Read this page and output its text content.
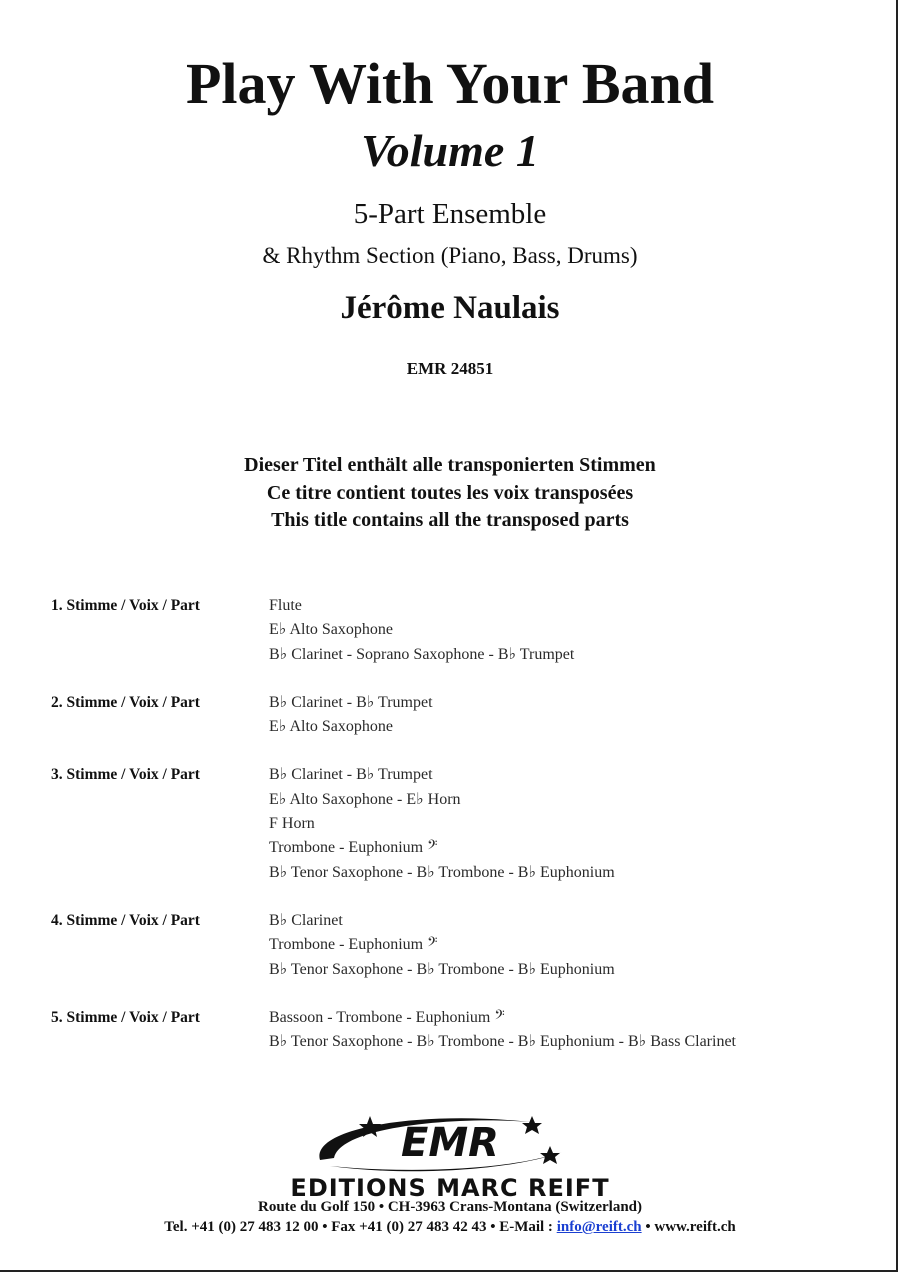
Play With Your Band
Volume 1
5-Part Ensemble
& Rhythm Section (Piano, Bass, Drums)
Jérôme Naulais
EMR 24851
Dieser Titel enthält alle transponierten Stimmen
Ce titre contient toutes les voix transposées
This title contains all the transposed parts
1. Stimme / Voix / Part	Flute
E♭ Alto Saxophone
B♭ Clarinet - Soprano Saxophone - B♭ Trumpet
2. Stimme / Voix / Part	B♭ Clarinet - B♭ Trumpet
E♭ Alto Saxophone
3. Stimme / Voix / Part	B♭ Clarinet - B♭ Trumpet
E♭ Alto Saxophone - E♭ Horn
F Horn
Trombone - Euphonium 𝄢
B♭ Tenor Saxophone - B♭ Trombone - B♭ Euphonium
4. Stimme / Voix / Part	B♭ Clarinet
Trombone - Euphonium 𝄢
B♭ Tenor Saxophone - B♭ Trombone - B♭ Euphonium
5. Stimme / Voix / Part	Bassoon - Trombone - Euphonium 𝄢
B♭ Tenor Saxophone - B♭ Trombone - B♭ Euphonium - B♭ Bass Clarinet
EMR
EDITIONS MARC REIFT
Route du Golf 150 • CH-3963 Crans-Montana (Switzerland)
Tel. +41 (0) 27 483 12 00 • Fax +41 (0) 27 483 42 43 • E-Mail : info@reift.ch • www.reift.ch
